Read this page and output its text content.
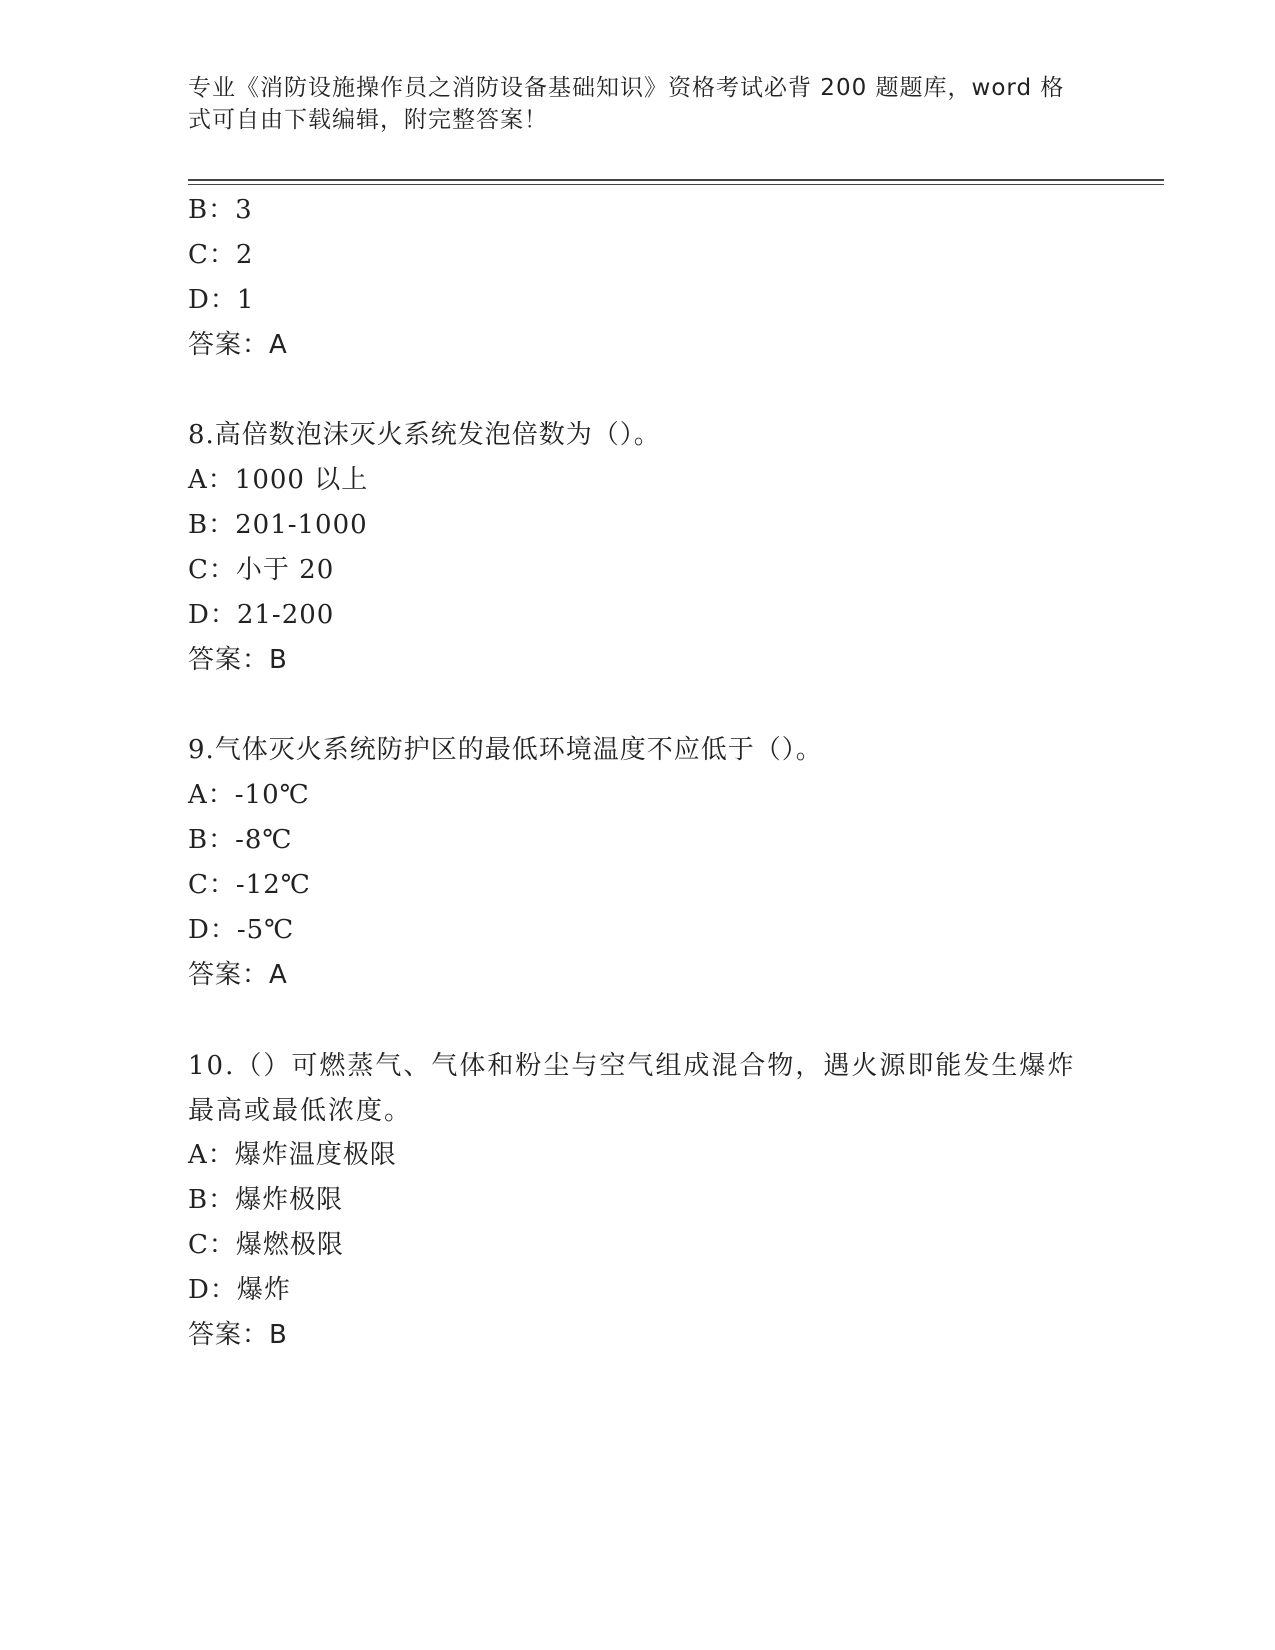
专业《消防设施操作员之消防设备基础知识》资格考试必背 200 题题库，word 格式可自由下载编辑，附完整答案！
B：3
C：2
D：1
答案：A
8.高倍数泡沫灭火系统发泡倍数为（）。
A：1000 以上
B：201-1000
C：小于 20
D：21-200
答案：B
9.气体灭火系统防护区的最低环境温度不应低于（）。
A：-10℃
B：-8℃
C：-12℃
D：-5℃
答案：A
10.（）可燃蒸气、气体和粉尘与空气组成混合物，遇火源即能发生爆炸最高或最低浓度。
A：爆炸温度极限
B：爆炸极限
C：爆燃极限
D：爆炸
答案：B
